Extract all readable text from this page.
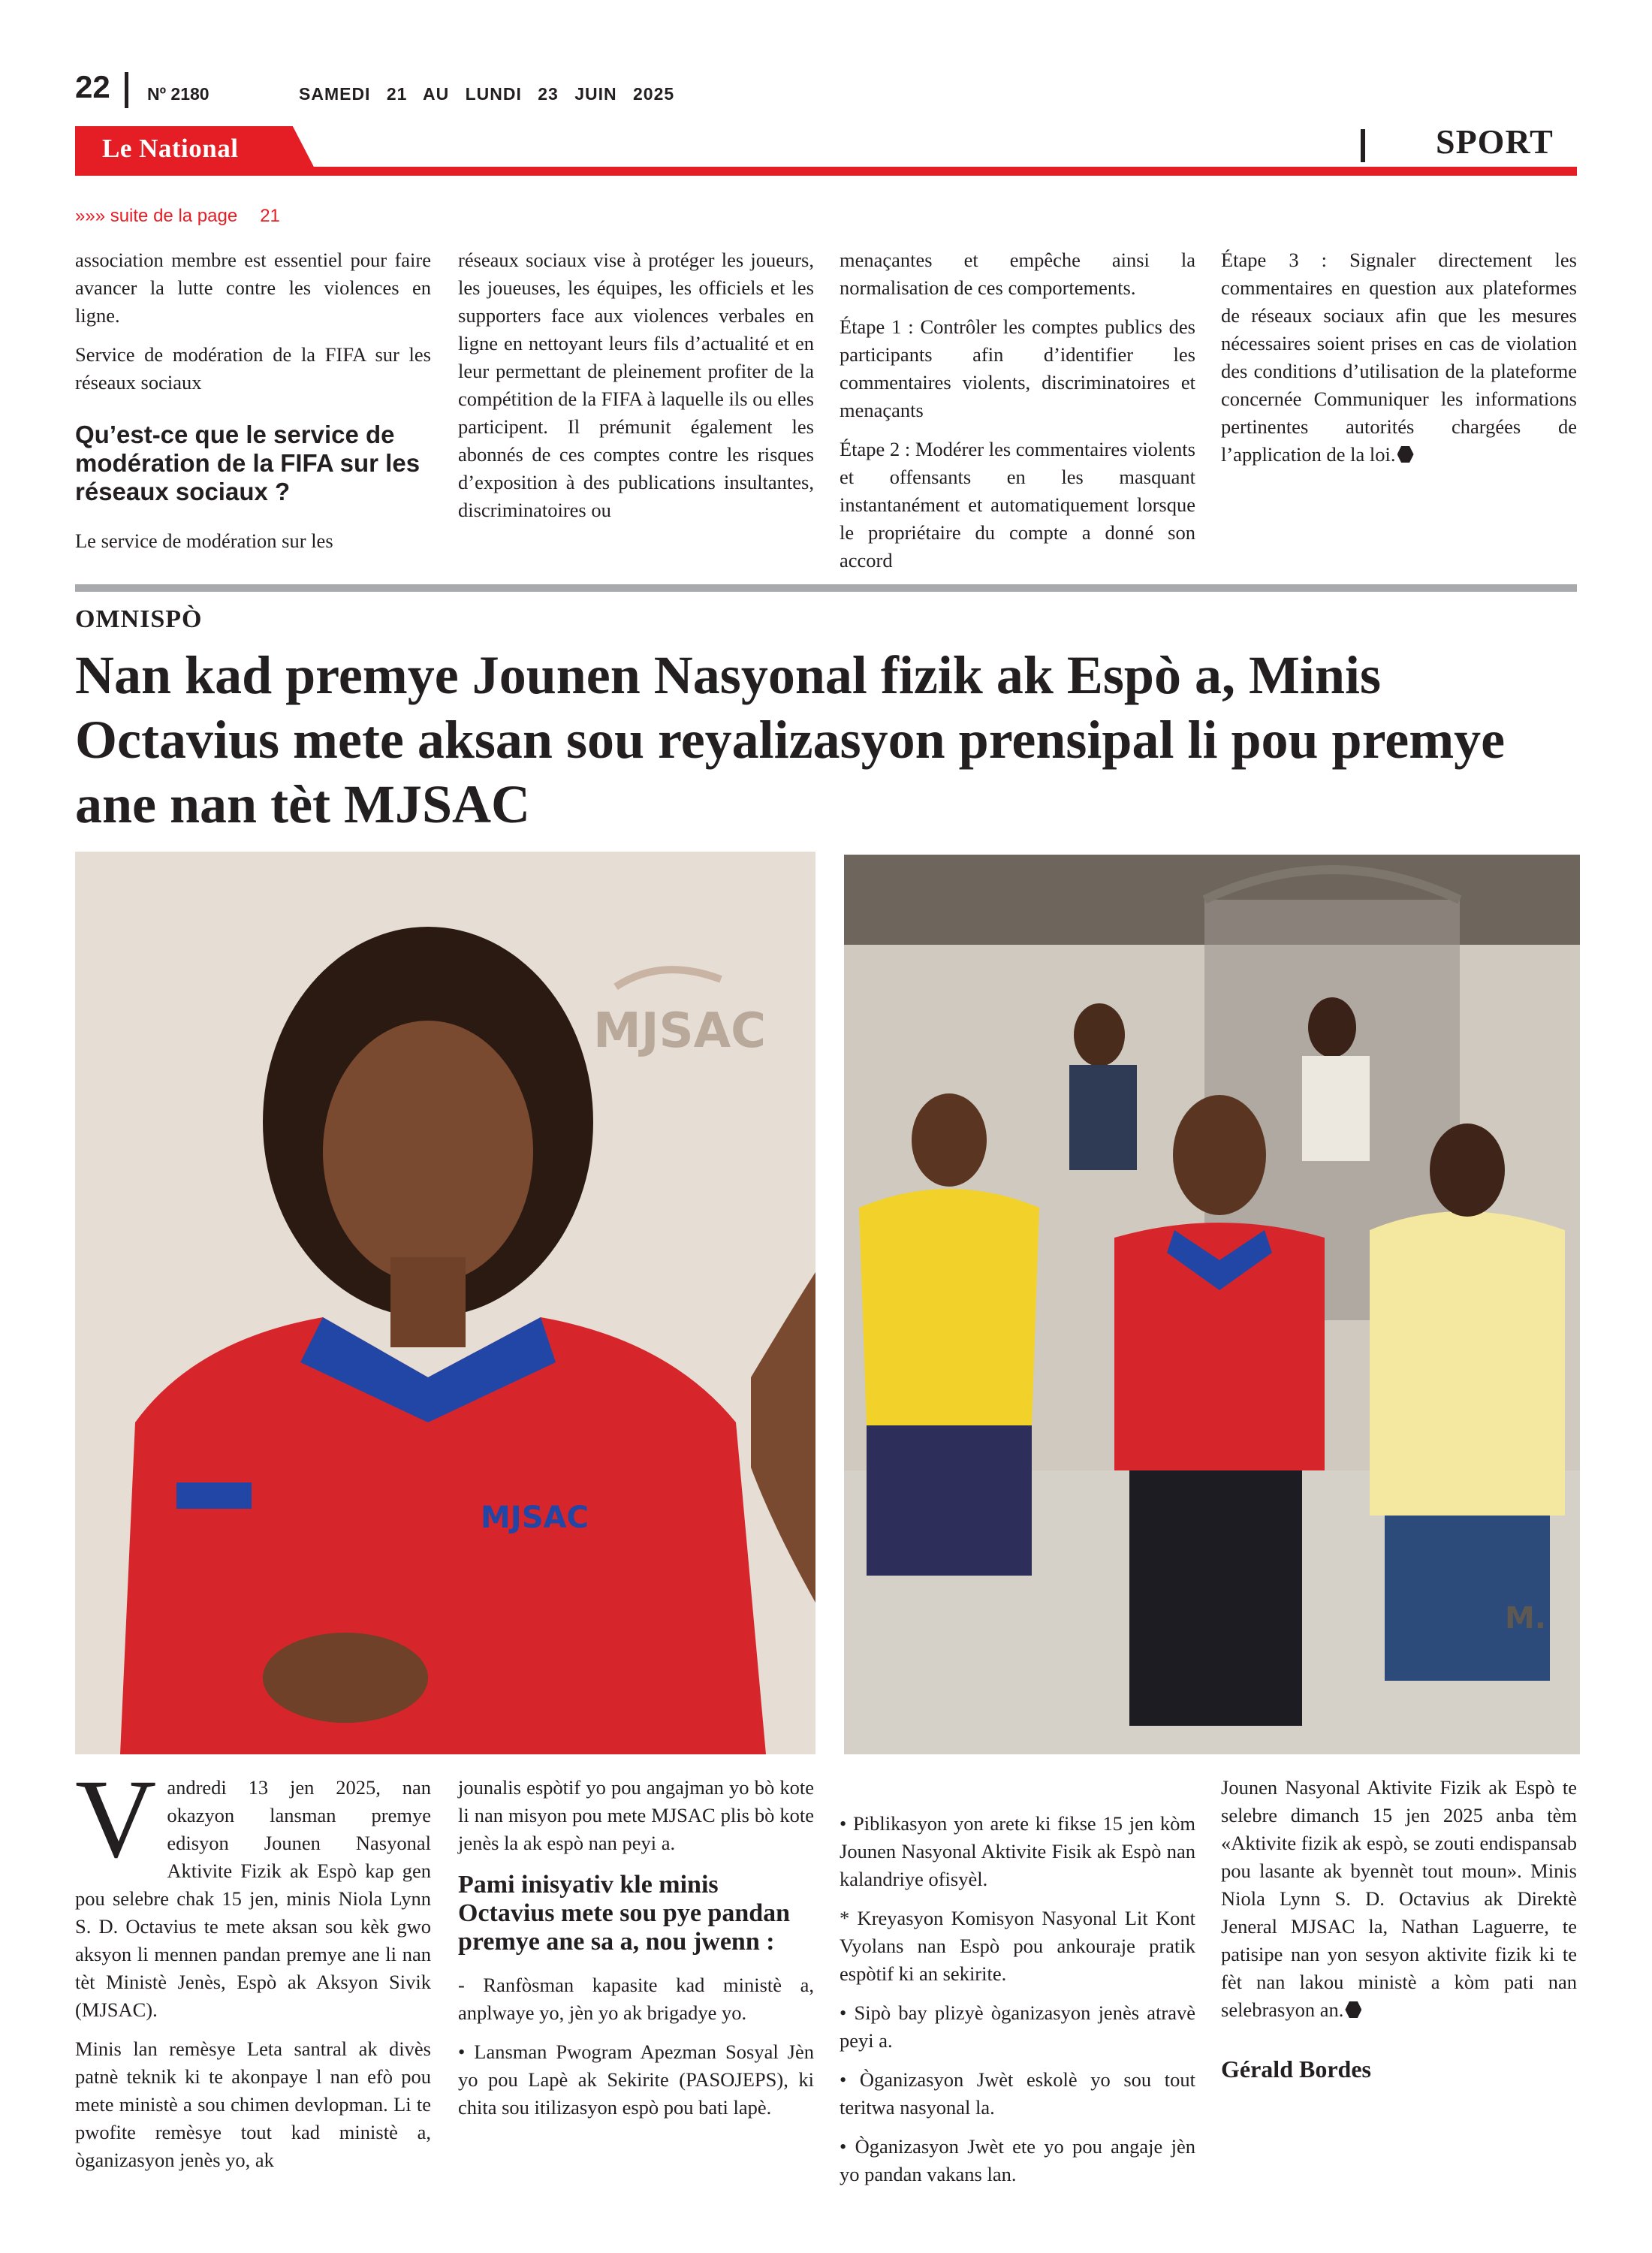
22 Nº 2180	SAMEDI 21 AU LUNDI 23 JUIN 2025
Le National	SPORT
»»» suite de la page 21

association membre est essentiel pour faire avancer la lutte contre les violences en ligne.

Service de modération de la FIFA sur les réseaux sociaux

Qu’est-ce que le service de modération de la FIFA sur les réseaux sociaux ?

Le service de modération sur les

réseaux sociaux vise à protéger les joueurs, les joueuses, les équipes, les officiels et les supporters face aux violences verbales en ligne en nettoyant leurs fils d’actualité et en leur permettant de pleinement profiter de la compétition de la FIFA à laquelle ils ou elles participent. Il prémunit également les abonnés de ces comptes contre les risques d’exposition à des publications insultantes, discriminatoires ou

menaçantes et empêche ainsi la normalisation de ces comportements.

Étape 1 : Contrôler les comptes publics des participants afin d’identifier les commentaires violents, discriminatoires et menaçants

Étape 2 : Modérer les commentaires violents et offensants en les masquant instantanément et automatiquement lorsque le propriétaire du compte a donné son accord

Étape 3 : Signaler directement les commentaires en question aux plateformes de réseaux sociaux afin que les mesures nécessaires soient prises en cas de violation des conditions d’utilisation de la plateforme concernée Communiquer les informations pertinentes autorités chargées de l’application de la loi.

OMNISPÒ
Nan kad premye Jounen Nasyonal fizik ak Espò a, Minis Octavius mete aksan sou reyalizasyon prensipal li pou premye ane nan tèt MJSAC
MJSAC
MJSAC
M.

Vandredi 13 jen 2025, nan okazyon lansman premye edisyon Jounen Nasyonal Aktivite Fizik ak Espò kap gen pou selebre chak 15 jen, minis Niola Lynn S. D. Octavius te mete aksan sou kèk gwo aksyon li mennen pandan premye ane li nan tèt Ministè Jenès, Espò ak Aksyon Sivik (MJSAC).

Minis lan remèsye Leta santral ak divès patnè teknik ki te akonpaye l nan efò pou mete ministè a sou chimen devlopman. Li te pwofite remèsye tout kad ministè a, òganizasyon jenès yo, ak

jounalis espòtif yo pou angajman yo bò kote li nan misyon pou mete MJSAC plis bò kote jenès la ak espò nan peyi a.

Pami inisyativ kle minis Octavius mete sou pye pandan premye ane sa a, nou jwenn :

- Ranfòsman kapasite kad ministè a, anplwaye yo, jèn yo ak brigadye yo.

• Lansman Pwogram Apezman Sosyal Jèn yo pou Lapè ak Sekirite (PASOJEPS), ki chita sou itilizasyon espò pou bati lapè.

• Piblikasyon yon arete ki fikse 15 jen kòm Jounen Nasyonal Aktivite Fisik ak Espò nan kalandriye ofisyèl.

* Kreyasyon Komisyon Nasyonal Lit Kont Vyolans nan Espò pou ankouraje pratik espòtif ki an sekirite.

• Sipò bay plizyè òganizasyon jenès atravè peyi a.

• Òganizasyon Jwèt eskolè yo sou tout teritwa nasyonal la.

• Òganizasyon Jwèt ete yo pou angaje jèn yo pandan vakans lan.

Jounen Nasyonal Aktivite Fizik ak Espò te selebre dimanch 15 jen 2025 anba tèm «Aktivite fizik ak espò, se zouti endispansab pou lasante ak byennèt tout moun». Minis Niola Lynn S. D. Octavius ak Direktè Jeneral MJSAC la, Nathan Laguerre, te patisipe nan yon sesyon aktivite fizik ki te fèt nan lakou ministè a kòm pati nan selebrasyon an.

Gérald Bordes
